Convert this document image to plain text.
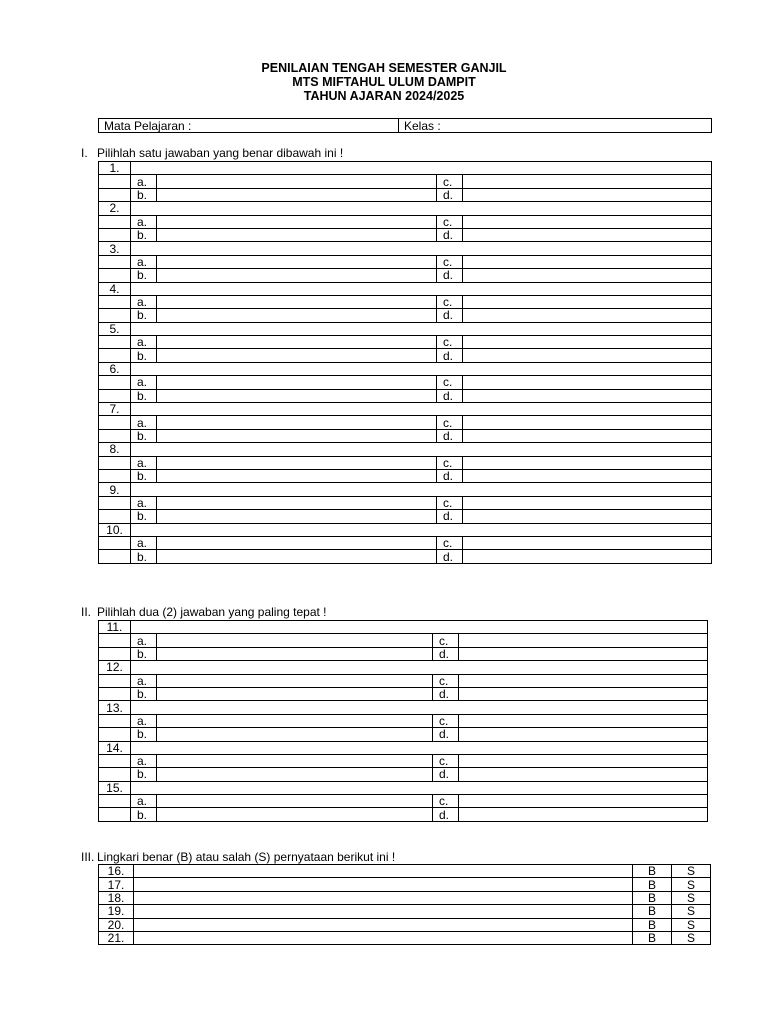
PENILAIAN TENGAH SEMESTER GANJIL
MTS MIFTAHUL ULUM DAMPIT
TAHUN AJARAN 2024/2025
Mata Pelajaran :	Kelas :
I. Pilihlah satu jawaban yang benar dibawah ini !
1.				
	a.		c.	
	b.		d.	
2.				
	a.		c.	
	b.		d.	
3.				
	a.		c.	
	b.		d.	
4.				
	a.		c.	
	b.		d.	
5.				
	a.		c.	
	b.		d.	
6.				
	a.		c.	
	b.		d.	
7.				
	a.		c.	
	b.		d.	
8.				
	a.		c.	
	b.		d.	
9.				
	a.		c.	
	b.		d.	
10.				
	a.		c.	
	b.		d.	
II. Pilihlah dua (2) jawaban yang paling tepat !
11.				
	a.		c.	
	b.		d.	
12.				
	a.		c.	
	b.		d.	
13.				
	a.		c.	
	b.		d.	
14.				
	a.		c.	
	b.		d.	
15.				
	a.		c.	
	b.		d.	
III. Lingkari benar (B) atau salah (S) pernyataan berikut ini !
16.		B	S
17.		B	S
18.		B	S
19.		B	S
20.		B	S
21.		B	S
